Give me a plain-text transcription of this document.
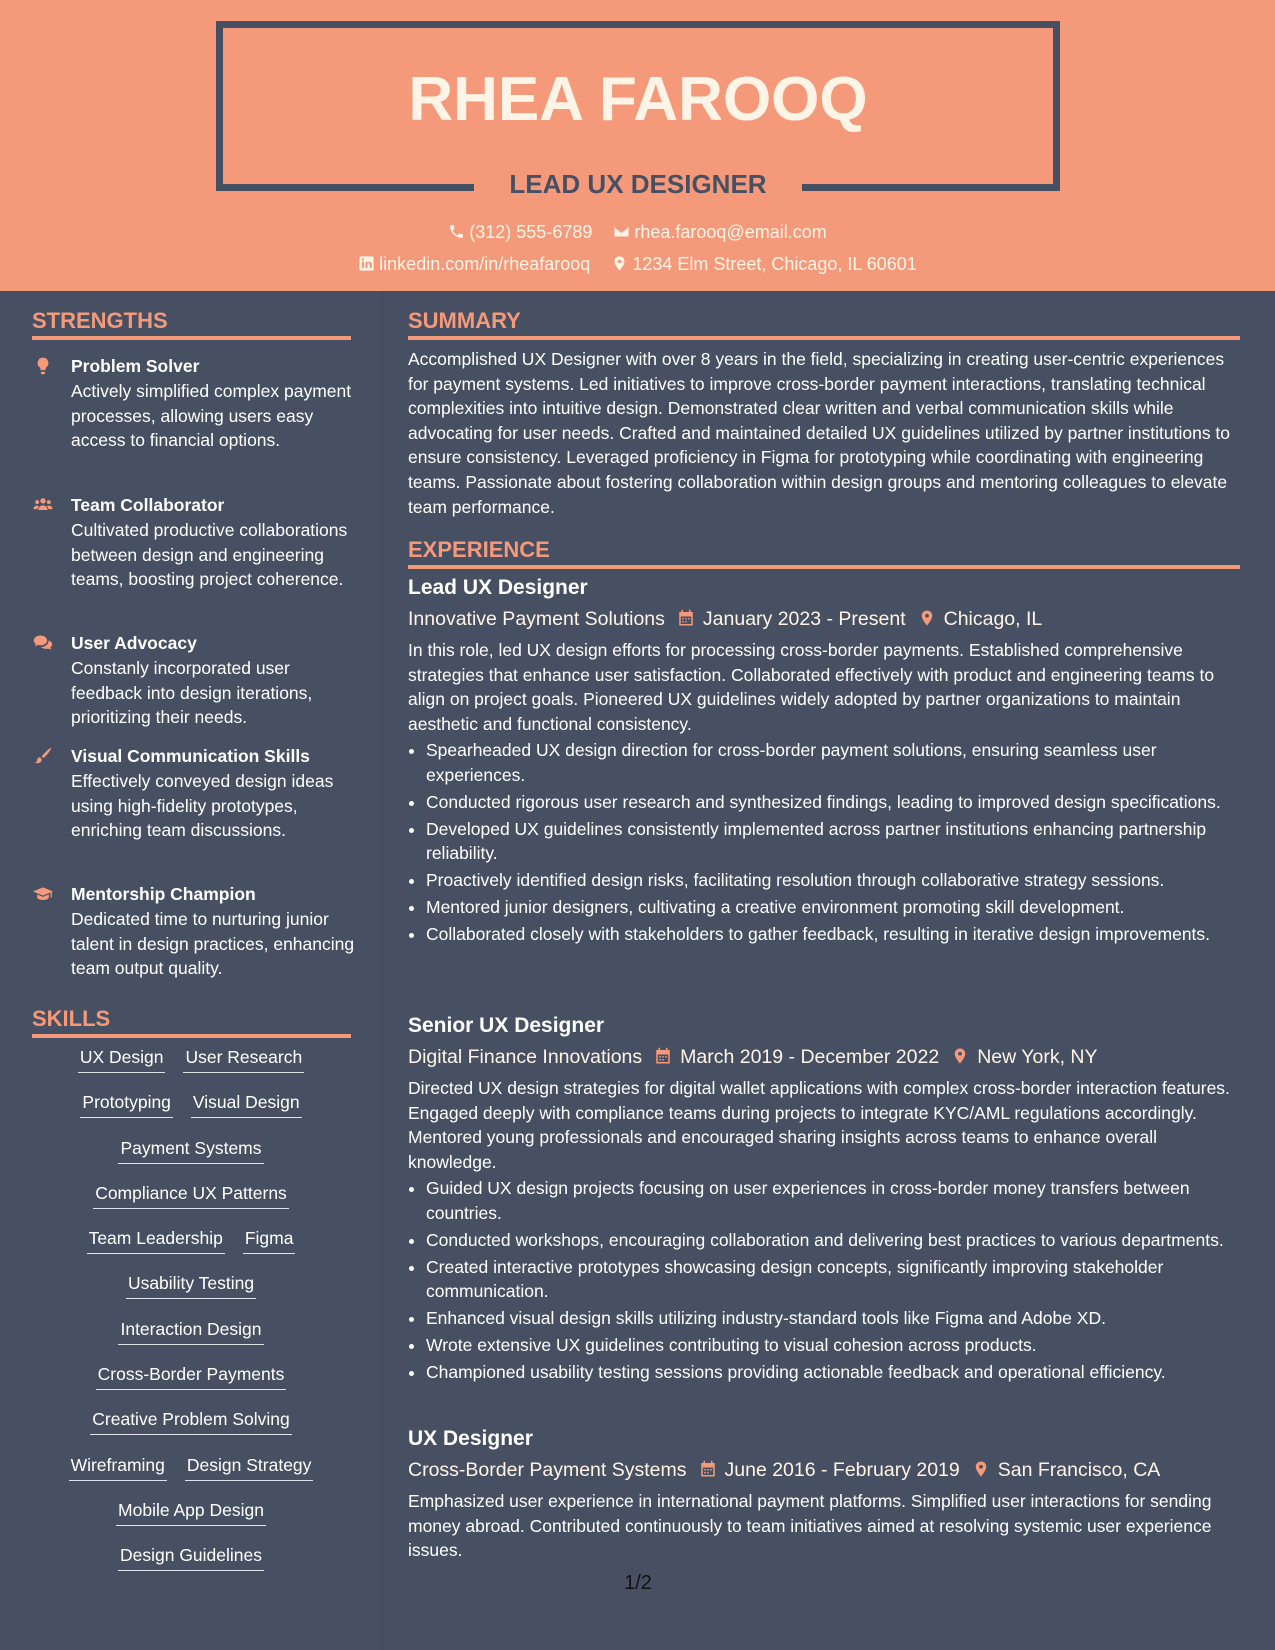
RHEA FAROOQ
LEAD UX DESIGNER
(312) 555-6789 rhea.farooq@email.com
linkedin.com/in/rheafarooq 1234 Elm Street, Chicago, IL 60601
STRENGTHS
Problem Solver
Actively simplified complex payment processes, allowing users easy access to financial options.
Team Collaborator
Cultivated productive collaborations between design and engineering teams, boosting project coherence.
User Advocacy
Constanly incorporated user feedback into design iterations, prioritizing their needs.
Visual Communication Skills
Effectively conveyed design ideas using high-fidelity prototypes, enriching team discussions.
Mentorship Champion
Dedicated time to nurturing junior talent in design practices, enhancing team output quality.
SKILLS
UX Design User Research
Prototyping Visual Design
Payment Systems
Compliance UX Patterns
Team Leadership Figma
Usability Testing
Interaction Design
Cross-Border Payments
Creative Problem Solving
Wireframing Design Strategy
Mobile App Design
Design Guidelines
SUMMARY
Accomplished UX Designer with over 8 years in the field, specializing in creating user-centric experiences for payment systems. Led initiatives to improve cross-border payment interactions, translating technical complexities into intuitive design. Demonstrated clear written and verbal communication skills while advocating for user needs. Crafted and maintained detailed UX guidelines utilized by partner institutions to ensure consistency. Leveraged proficiency in Figma for prototyping while coordinating with engineering teams. Passionate about fostering collaboration within design groups and mentoring colleagues to elevate team performance.
EXPERIENCE
Lead UX Designer
Innovative Payment Solutions January 2023 - Present Chicago, IL
In this role, led UX design efforts for processing cross-border payments. Established comprehensive strategies that enhance user satisfaction. Collaborated effectively with product and engineering teams to align on project goals. Pioneered UX guidelines widely adopted by partner organizations to maintain aesthetic and functional consistency.
• Spearheaded UX design direction for cross-border payment solutions, ensuring seamless user experiences.
• Conducted rigorous user research and synthesized findings, leading to improved design specifications.
• Developed UX guidelines consistently implemented across partner institutions enhancing partnership reliability.
• Proactively identified design risks, facilitating resolution through collaborative strategy sessions.
• Mentored junior designers, cultivating a creative environment promoting skill development.
• Collaborated closely with stakeholders to gather feedback, resulting in iterative design improvements.
Senior UX Designer
Digital Finance Innovations March 2019 - December 2022 New York, NY
Directed UX design strategies for digital wallet applications with complex cross-border interaction features. Engaged deeply with compliance teams during projects to integrate KYC/AML regulations accordingly. Mentored young professionals and encouraged sharing insights across teams to enhance overall knowledge.
• Guided UX design projects focusing on user experiences in cross-border money transfers between countries.
• Conducted workshops, encouraging collaboration and delivering best practices to various departments.
• Created interactive prototypes showcasing design concepts, significantly improving stakeholder communication.
• Enhanced visual design skills utilizing industry-standard tools like Figma and Adobe XD.
• Wrote extensive UX guidelines contributing to visual cohesion across products.
• Championed usability testing sessions providing actionable feedback and operational efficiency.
UX Designer
Cross-Border Payment Systems June 2016 - February 2019 San Francisco, CA
Emphasized user experience in international payment platforms. Simplified user interactions for sending money abroad. Contributed continuously to team initiatives aimed at resolving systemic user experience issues.
1/2
